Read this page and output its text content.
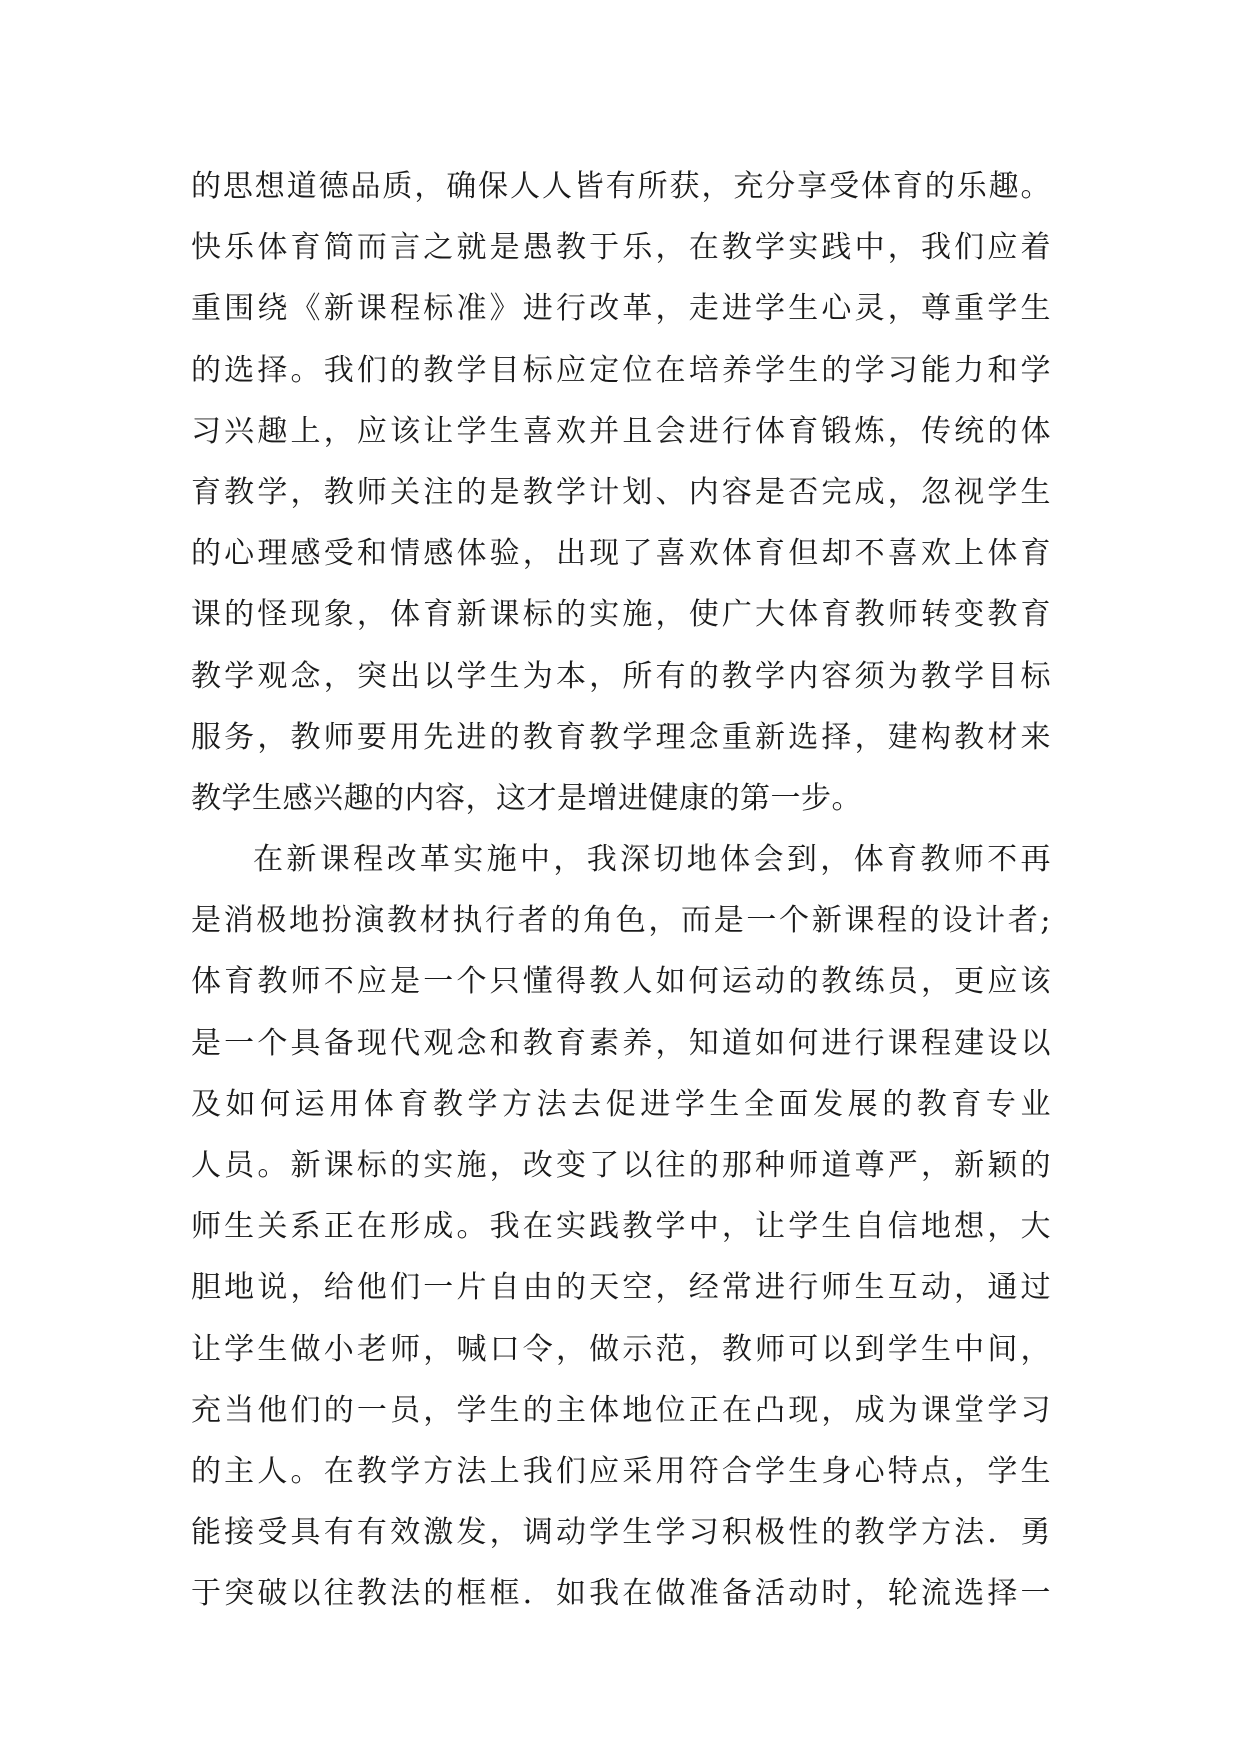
的思想道德品质，确保人人皆有所获，充分享受体育的乐趣。
快乐体育简而言之就是愚教于乐，在教学实践中，我们应着
重围绕《新课程标准》进行改革，走进学生心灵，尊重学生
的选择。我们的教学目标应定位在培养学生的学习能力和学
习兴趣上，应该让学生喜欢并且会进行体育锻炼，传统的体
育教学，教师关注的是教学计划、内容是否完成，忽视学生
的心理感受和情感体验，出现了喜欢体育但却不喜欢上体育
课的怪现象，体育新课标的实施，使广大体育教师转变教育
教学观念，突出以学生为本，所有的教学内容须为教学目标
服务，教师要用先进的教育教学理念重新选择，建构教材来
教学生感兴趣的内容，这才是增进健康的第一步。
在新课程改革实施中，我深切地体会到，体育教师不再
是消极地扮演教材执行者的角色，而是一个新课程的设计者;
体育教师不应是一个只懂得教人如何运动的教练员，更应该
是一个具备现代观念和教育素养，知道如何进行课程建设以
及如何运用体育教学方法去促进学生全面发展的教育专业
人员。新课标的实施，改变了以往的那种师道尊严，新颖的
师生关系正在形成。我在实践教学中，让学生自信地想，大
胆地说，给他们一片自由的天空，经常进行师生互动，通过
让学生做小老师，喊口令，做示范，教师可以到学生中间，
充当他们的一员，学生的主体地位正在凸现，成为课堂学习
的主人。在教学方法上我们应采用符合学生身心特点，学生
能接受具有有效激发，调动学生学习积极性的教学方法．勇
于突破以往教法的框框．如我在做准备活动时，轮流选择一
